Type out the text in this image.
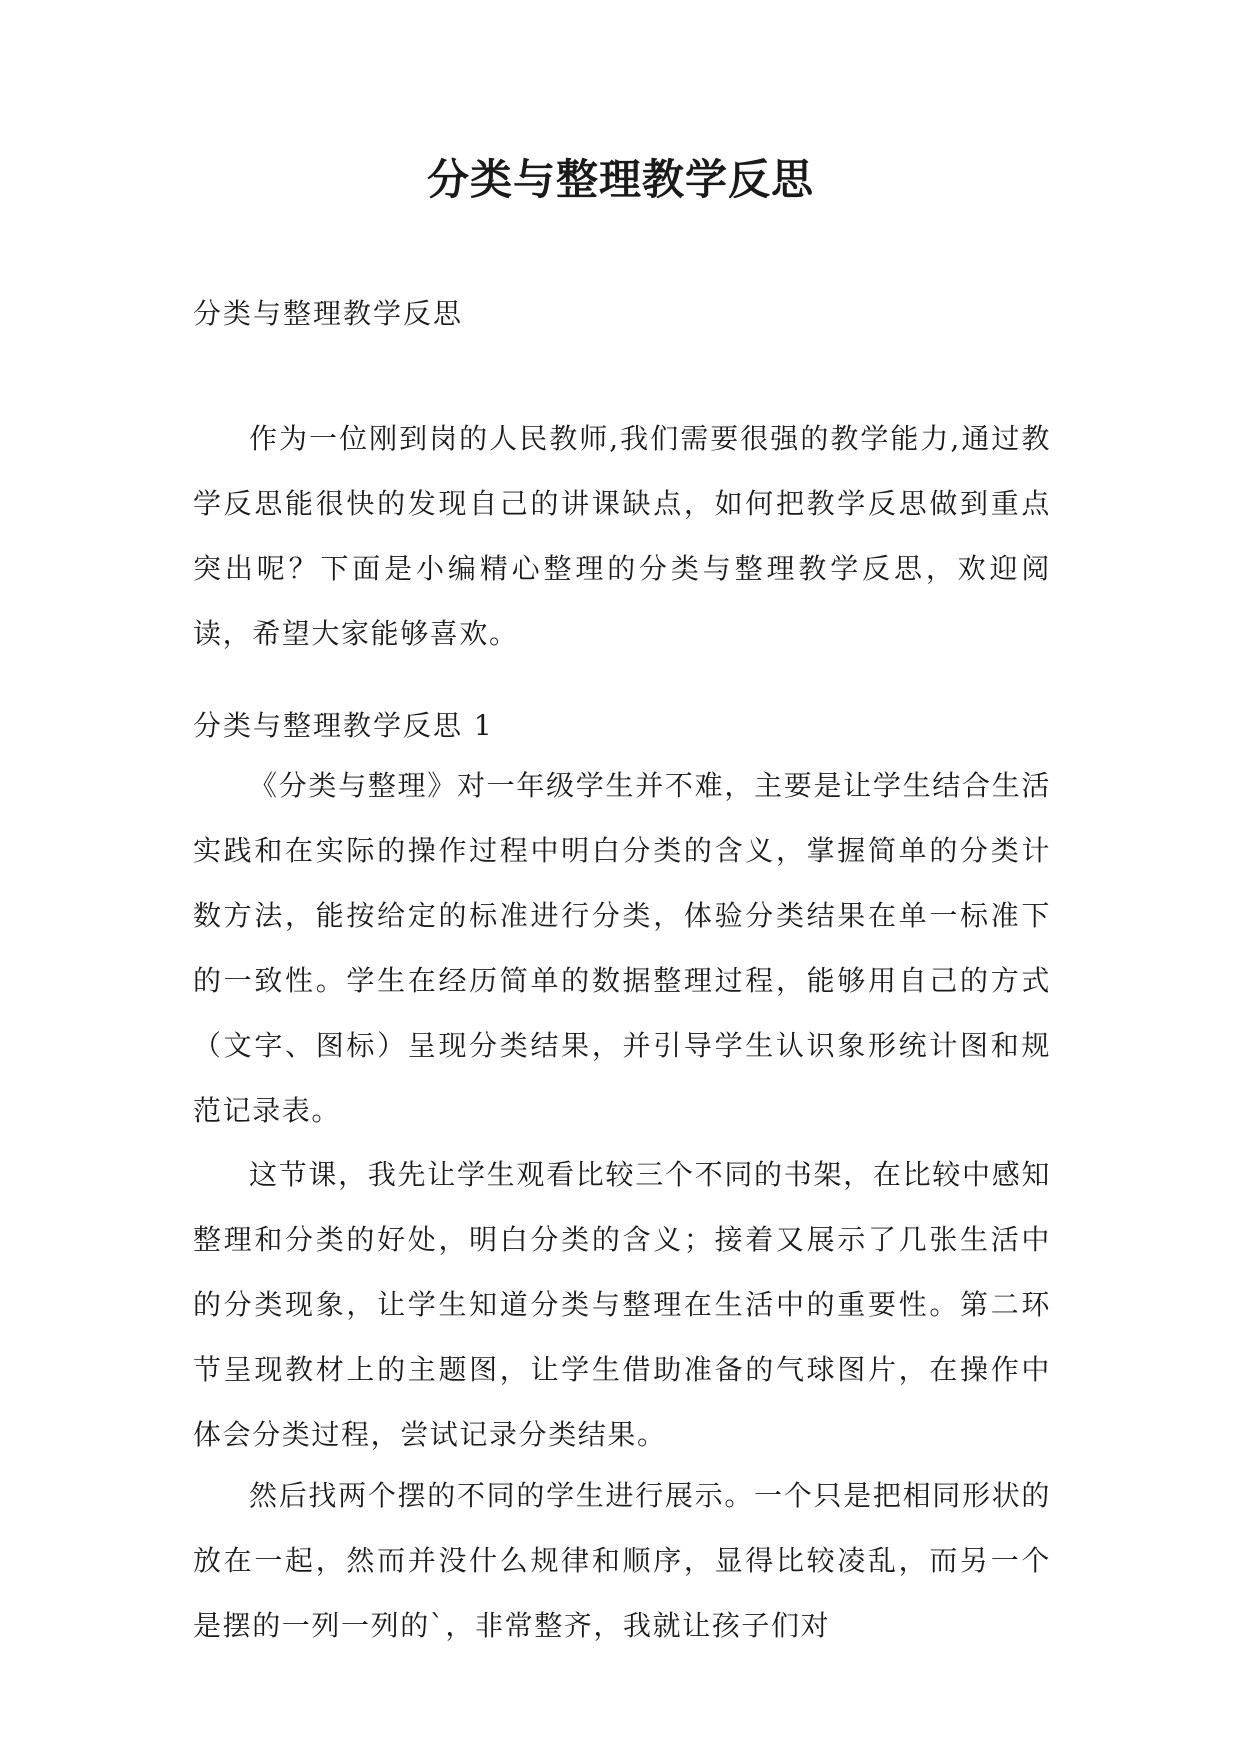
分类与整理教学反思

分类与整理教学反思

作为一位刚到岗的人民教师,我们需要很强的教学能力,通过教学反思能很快的发现自己的讲课缺点，如何把教学反思做到重点突出呢？下面是小编精心整理的分类与整理教学反思，欢迎阅读，希望大家能够喜欢。

分类与整理教学反思 1

《分类与整理》对一年级学生并不难，主要是让学生结合生活实践和在实际的操作过程中明白分类的含义，掌握简单的分类计数方法，能按给定的标准进行分类，体验分类结果在单一标准下的一致性。学生在经历简单的数据整理过程，能够用自己的方式（文字、图标）呈现分类结果，并引导学生认识象形统计图和规范记录表。

这节课，我先让学生观看比较三个不同的书架，在比较中感知整理和分类的好处，明白分类的含义；接着又展示了几张生活中的分类现象，让学生知道分类与整理在生活中的重要性。第二环节呈现教材上的主题图，让学生借助准备的气球图片，在操作中体会分类过程，尝试记录分类结果。

然后找两个摆的不同的学生进行展示。一个只是把相同形状的放在一起，然而并没什么规律和顺序，显得比较凌乱，而另一个是摆的一列一列的`，非常整齐，我就让孩子们对
